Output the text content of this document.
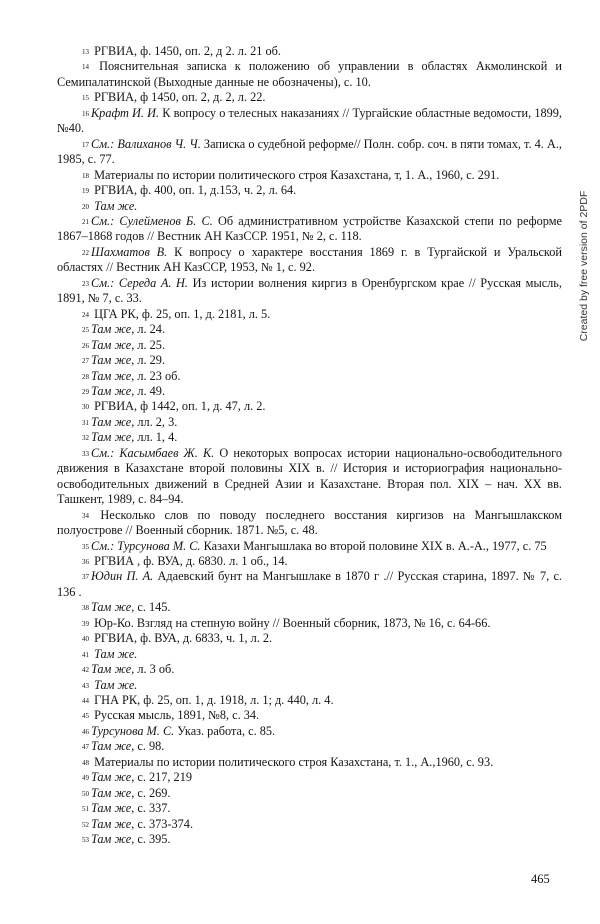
$^{13}$ РГВИА, ф. 1450, оп. 2, д 2. л. 21 об.

$^{14}$ Пояснительная записка к положению об управлении в областях Акмолинской и Семипалатинской (Выходные данные не обозначены), с. 10.

$^{15}$ РГВИА, ф 1450, оп. 2, д. 2, л. 22.

$^{16}$ Крафт И. И. К вопросу о телесных наказаниях // Тургайские областные ведомости, 1899, №40.

$^{17}$ См.: Валиханов Ч. Ч. Записка о судебной реформе// Полн. собр. соч. в пяти томах, т. 4. А., 1985, с. 77.

$^{18}$ Материалы по истории политического строя Казахстана, т, 1. А., 1960, с. 291.

$^{19}$ РГВИА, ф. 400, оп. 1, д.153, ч. 2, л. 64.

$^{20}$ Там же.

$^{21}$ См.: Сулейменов Б. С. Об административном устройстве Казахской степи по реформе 1867–1868 годов // Вестник АН КазССР. 1951, № 2, с. 118.

$^{22}$ Шахматов В. К вопросу о характере восстания 1869 г. в Тургайской и Уральской областях // Вестник АН КазССР, 1953, № 1, с. 92.

$^{23}$ См.: Середа А. Н. Из истории волнения киргиз в Оренбургском крае // Русская мысль, 1891, № 7, с. 33.

$^{24}$ ЦГА РК, ф. 25, оп. 1, д. 2181, л. 5.

$^{25}$ Там же, л. 24.

$^{26}$ Там же, л. 25.

$^{27}$ Там же, л. 29.

$^{28}$ Там же, л. 23 об.

$^{29}$ Там же, л. 49.

$^{30}$ РГВИА, ф 1442, оп. 1, д. 47, л. 2.

$^{31}$ Там же, лл. 2, 3.

$^{32}$ Там же, лл. 1, 4.

$^{33}$ См.: Касымбаев Ж. К. О некоторых вопросах истории национально-освободительного движения в Казахстане второй половины XIX в. // История и историография национально-освободительных движений в Средней Азии и Казахстане. Вторая пол. XIX – нач. XX вв. Ташкент, 1989, с. 84–94.

$^{34}$ Несколько слов по поводу последнего восстания киргизов на Мангышлакском полуострове // Военный сборник. 1871. №5, с. 48.

$^{35}$ См.: Турсунова М. С. Казахи Мангышлака во второй половине XIX в. А.-А., 1977, с. 75

$^{36}$ РГВИА , ф. ВУА, д. 6830. л. 1 об., 14.

$^{37}$ Юдин П. А. Адаевский бунт на Мангышлаке в 1870 г .// Русская старина, 1897. № 7, с. 136 .

$^{38}$ Там же, с. 145.

$^{39}$ Юр-Ко. Взгляд на степную войну // Военный сборник, 1873, № 16, с. 64-66.

$^{40}$ РГВИА, ф. ВУА, д. 6833, ч. 1, л. 2.

$^{41}$ Там же.

$^{42}$ Там же, л. 3 об.

$^{43}$ Там же.

$^{44}$ ГНА РК, ф. 25, оп. 1, д. 1918, л. 1; д. 440, л. 4.

$^{45}$ Русская мысль, 1891, №8, с. 34.

$^{46}$ Турсунова М. С. Указ. работа, с. 85.

$^{47}$ Там же, с. 98.

$^{48}$ Материалы по истории политического строя Казахстана, т. 1., А.,1960, с. 93.

$^{49}$ Там же, с. 217, 219

$^{50}$ Там же, с. 269.

$^{51}$ Там же, с. 337.

$^{52}$ Там же, с. 373-374.

$^{53}$ Там же, с. 395.

Created by free version of 2PDF
465
